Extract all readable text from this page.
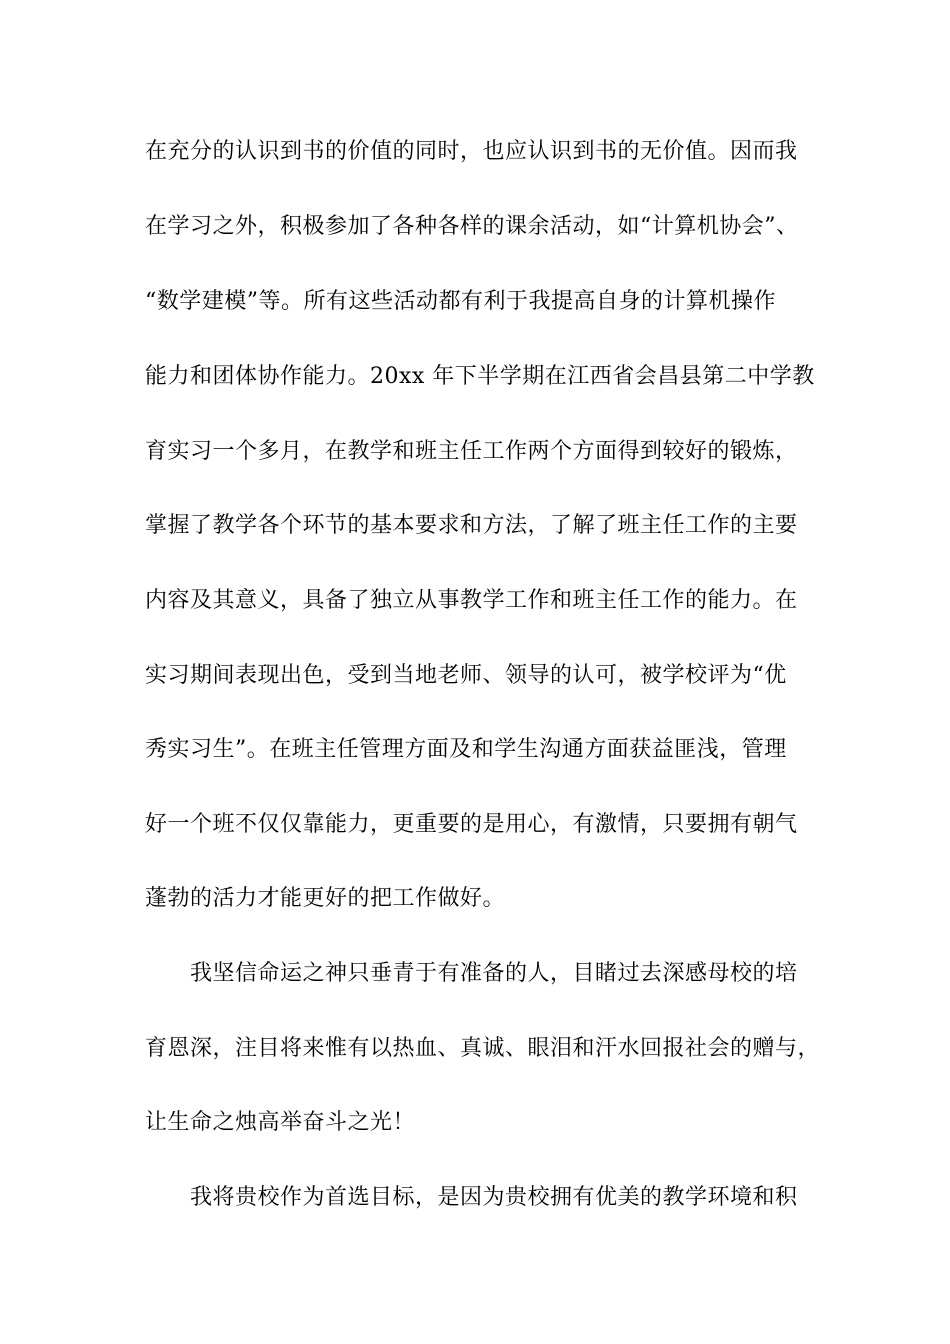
在充分的认识到书的价值的同时，也应认识到书的无价值。因而我
在学习之外，积极参加了各种各样的课余活动，如“计算机协会”、
“数学建模”等。所有这些活动都有利于我提高自身的计算机操作
能力和团体协作能力。20xx 年下半学期在江西省会昌县第二中学教
育实习一个多月，在教学和班主任工作两个方面得到较好的锻炼，
掌握了教学各个环节的基本要求和方法，了解了班主任工作的主要
内容及其意义，具备了独立从事教学工作和班主任工作的能力。在
实习期间表现出色，受到当地老师、领导的认可，被学校评为“优
秀实习生”。在班主任管理方面及和学生沟通方面获益匪浅，管理
好一个班不仅仅靠能力，更重要的是用心，有激情，只要拥有朝气
蓬勃的活力才能更好的把工作做好。
我坚信命运之神只垂青于有准备的人，目睹过去深感母校的培
育恩深，注目将来惟有以热血、真诚、眼泪和汗水回报社会的赠与，
让生命之烛高举奋斗之光！
我将贵校作为首选目标，是因为贵校拥有优美的教学环境和积
